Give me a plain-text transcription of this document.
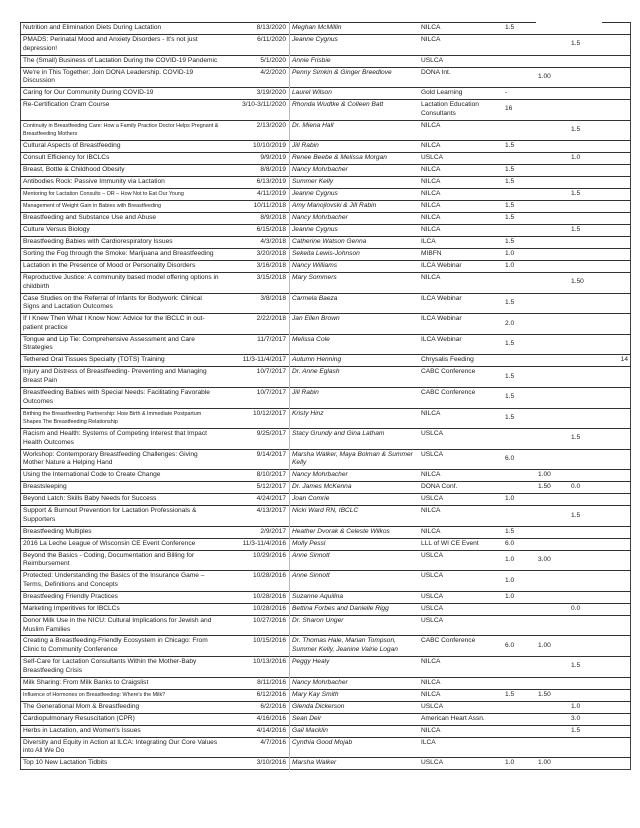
Nutrition and Elimination Diets During Lactation	8/13/2020	Meghan McMillin	NILCA	1.5			
PMADS: Perinatal Mood and Anxiety Disorders - It's not just depression!	6/11/2020	Jeanne Cygnus	NILCA			1.5	
The (Small) Business of Lactation During the COVID-19 Pandemic	5/1/2020	Annie Frisbie	USLCA				
We're in This Together: Join DONA Leadership. COVID-19 Discussion	4/2/2020	Penny Simkin & Ginger Breedlove	DONA Int.		1.00		
Caring for Our Community During COVID-19	3/19/2020	Laurel Wilson	Gold Learning	-			
Re-Certification Cram Course	3/10-3/11/2020	Rhonda Wudtke & Colleen Batt	Lactation Education Consultants	16			
Continuity in Breastfeeding Care: How a Family Practice Doctor Helps Pregnant & Breastfeeding Mothers	2/13/2020	Dr. Miena Hall	NILCA			1.5	
Cultural Aspects of Breastfeeding	10/10/2019	Jill Rabin	NILCA	1.5			
Consult Efficiency for IBCLCs	9/9/2019	Renee Beebe & Melissa Morgan	USLCA			1.0	
Breast, Bottle & Childhood Obesity	8/8/2019	Nancy Mohrbacher	NILCA	1.5			
Antibodies Rock: Passive Immunity via Lactation	6/13/2019	Summer Kelly	NILCA	1.5			
Mentoring for Lactation Consults – OR – How Not to Eat Our Young	4/11/2019	Jeanne Cygnus	NILCA			1.5	
Management of Weight Gain in Babies with Breastfeeding	10/11/2018	Amy Manojlovski & Jill Rabin	NILCA	1.5			
Breastfeeding and Substance Use and Abuse	8/9/2018	Nancy Mohrbacher	NILCA	1.5			
Culture Versus Biology	6/15/2018	Jeanne Cygnus	NILCA			1.5	
Breastfeeding Babies with Cardiorespiratory Issues	4/3/2018	Catherine Watson Genna	ILCA	1.5			
Sorting the Fog through the Smoke: Marijuana and Breastfeeding	3/20/2018	Sekeita Lewis-Johnson	MIBFN	1.0			
Lactation in the Presence of Mood or Personality Disorders	3/16/2018	Nancy Williams	ILCA Webinar	1.0			
Reproductive Justice: A community based model offering options in childbirth	3/15/2018	Mary Sommers	NILCA			1.50	
Case Studies on the Referral of Infants for Bodywork: Clinical Signs and Lactation Outcomes	3/8/2018	Carmela Baeza	ILCA Webinar	1.5			
If I Knew Then What I Know Now: Advice for the IBCLC in out-patient practice	2/22/2018	Jan Ellen Brown	ILCA Webinar	2.0			
Tongue and Lip Tie: Comprehensive Assessment and Care Strategies	11/7/2017	Melissa Cole	ILCA Webinar	1.5			
Tethered Oral Tissues Specialty (TOTS) Training	11/3-11/4/2017	Autumn Henning	Chrysalis Feeding				14
Injury and Distress of Breastfeeding- Preventing and Managing Breast Pain	10/7/2017	Dr. Anne Eglash	CABC Conference	1.5			
Breastfeeding Babies with Special Needs: Facilitating Favorable Outcomes	10/7/2017	Jill Rabin	CABC Conference	1.5			
Birthing the Breastfeeding Partnership: How Birth & Immediate Postpartum Shapes The Breastfeeding Relationship	10/12/2017	Kristy Hinz	NILCA	1.5			
Racism and Health: Systems of Competing Interest that Impact Health Outcomes	9/25/2017	Stacy Grundy and Gina Latham	USLCA			1.5	
Workshop: Contemporary Breastfeeding Challenges: Giving Mother Nature a Helping Hand	9/14/2017	Marsha Walker, Maya Bolman & Summer Kelly	USLCA	6.0			
Using the International Code to Create Change	8/10/2017	Nancy Mohrbacher	NILCA		1.00		
Breastsleeping	5/12/2017	Dr. James McKenna	DONA Conf.		1.50	0.0	
Beyond Latch: Skills Baby Needs for Success	4/24/2017	Joan Comrie	USLCA	1.0			
Support & Burnout Prevention for Lactation Professionals & Supporters	4/13/2017	Nicki Ward RN, IBCLC	NILCA			1.5	
Breastfeeding Multiples	2/9/2017	Heather Dvorak & Celeste Wilkos	NILCA	1.5			
2016 La Leche League of Wisconsin CE Event Conference	11/3-11/4/2016	Molly Pessl	LLL of WI CE Event	6.0			
Beyond the Basics - Coding, Documentation and Billing for Reimbursement	10/29/2016	Anne Sinnott	USLCA	1.0	3.00		
Protected: Understanding the Basics of the Insurance Game – Terms, Definitions and Concepts	10/28/2016	Anne Sinnott	USLCA	1.0			
Breastfeeding Friendly Practices	10/28/2016	Suzanne Aquilina	USLCA	1.0			
Marketing Imperitives for IBCLCs	10/28/2016	Bettina Forbes and Danielle Rigg	USLCA			0.0	
Donor Milk Use in the NICU: Cultural Implications for Jewish and Muslim Families	10/27/2016	Dr. Sharon Unger	USLCA				
Creating a Breastfeeding-Friendly Ecosystem in Chicago: From Clinic to Community Conference	10/15/2016	Dr. Thomas Hale, Marian Tompson, Summer Kelly, Jeanine Valrie Logan	CABC Conference	6.0	1.00		
Self-Care for Lactation Consultants Within the Mother-Baby Breastfeeding Crisis	10/13/2016	Peggy Healy	NILCA			1.5	
Milk Sharing: From Milk Banks to Craigslist	8/11/2016	Nancy Mohrbacher	NILCA				
Influence of Hormones on Breastfeeding: Where's the Milk?	6/12/2016	Mary Kay Smith	NILCA	1.5	1.50		
The Generational Mom & Breastfeeding	6/2/2016	Glenda Dickerson	USLCA			1.0	
Cardiopulmonary Resuscitation (CPR)	4/16/2016	Sean Deir	American Heart Assn.			3.0	
Herbs in Lactation, and Women's Issues	4/14/2016	Gail Macklin	NILCA			1.5	
Diversity and Equity in Action at ILCA: Integrating Our Core Values into All We Do	4/7/2016	Cynthia Good Mojab	ILCA				
Top 10 New Lactation Tidbits	3/10/2016	Marsha Walker	USLCA	1.0	1.00		
